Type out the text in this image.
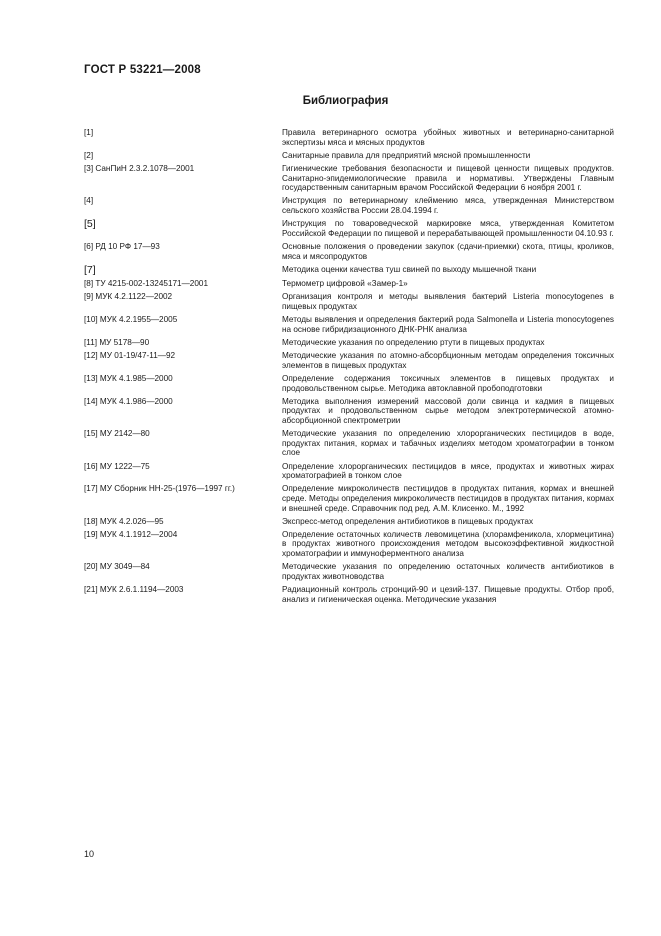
ГОСТ Р 53221—2008
Библиография
[1]	Правила ветеринарного осмотра убойных животных и ветеринарно-санитарной экспертизы мяса и мясных продуктов
[2]	Санитарные правила для предприятий мясной промышленности
[3] СанПиН 2.3.2.1078—2001	Гигиенические требования безопасности и пищевой ценности пищевых продуктов. Санитарно-эпидемиологические правила и нормативы. Утверждены Главным государственным санитарным врачом Российской Федерации 6 ноября 2001 г.
[4]	Инструкция по ветеринарному клеймению мяса, утвержденная Министерством сельского хозяйства России 28.04.1994 г.
[5]	Инструкция по товароведческой маркировке мяса, утвержденная Комитетом Российской Федерации по пищевой и перерабатывающей промышленности 04.10.93 г.
[6] РД 10 РФ 17—93	Основные положения о проведении закупок (сдачи-приемки) скота, птицы, кроликов, мяса и мясопродуктов
[7]	Методика оценки качества туш свиней по выходу мышечной ткани
[8] ТУ 4215-002-13245171—2001	Термометр цифровой «Замер-1»
[9] МУК 4.2.1122—2002	Организация контроля и методы выявления бактерий Listeria monocytogenes в пищевых продуктах
[10] МУК 4.2.1955—2005	Методы выявления и определения бактерий рода Salmonella и Listeria monocytogenes на основе гибридизационного ДНК-РНК анализа
[11] МУ 5178—90	Методические указания по определению ртути в пищевых продуктах
[12] МУ 01-19/47-11—92	Методические указания по атомно-абсорбционным методам определения токсичных элементов в пищевых продуктах
[13] МУК 4.1.985—2000	Определение содержания токсичных элементов в пищевых продуктах и продовольственном сырье. Методика автоклавной пробоподготовки
[14] МУК 4.1.986—2000	Методика выполнения измерений массовой доли свинца и кадмия в пищевых продуктах и продовольственном сырье методом электротермической атомно-абсорбционной спектрометрии
[15] МУ 2142—80	Методические указания по определению хлорорганических пестицидов в воде, продуктах питания, кормах и табачных изделиях методом хроматографии в тонком слое
[16] МУ 1222—75	Определение хлорорганических пестицидов в мясе, продуктах и животных жирах хроматографией в тонком слое
[17] МУ Сборник НН-25-(1976—1997 гг.)	Определение микроколичеств пестицидов в продуктах питания, кормах и внешней среде. Методы определения микроколичеств пестицидов в продуктах питания, кормах и внешней среде. Справочник под ред. А.М. Клисенко. М., 1992
[18] МУК 4.2.026—95	Экспресс-метод определения антибиотиков в пищевых продуктах
[19] МУК 4.1.1912—2004	Определение остаточных количеств левомицетина (хлорамфеникола, хлормецитина) в продуктах животного происхождения методом высокоэффективной жидкостной хроматографии и иммуноферментного анализа
[20] МУ 3049—84	Методические указания по определению остаточных количеств антибиотиков в продуктах животноводства
[21] МУК 2.6.1.1194—2003	Радиационный контроль стронций-90 и цезий-137. Пищевые продукты. Отбор проб, анализ и гигиеническая оценка. Методические указания
10
